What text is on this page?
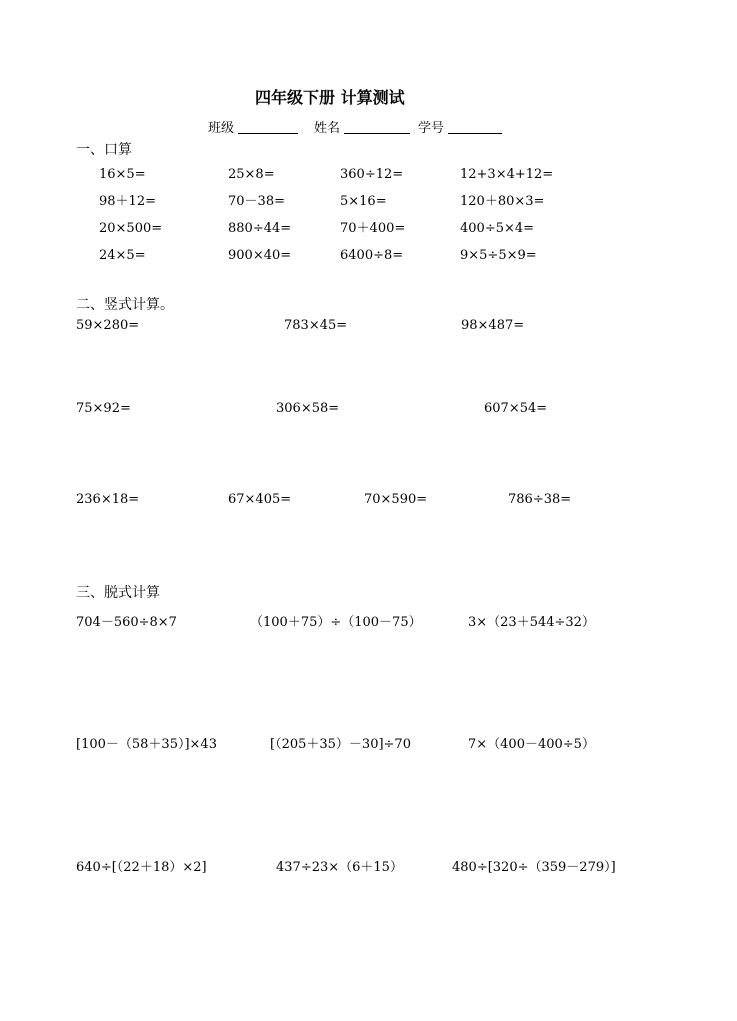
四年级下册 计算测试
班级	姓名	学号
一、口算
16×5=	25×8=	360÷12=	12+3×4+12=
98＋12=	70－38=	5×16=	120＋80×3=
20×500=	880÷44=	70＋400=	400÷5×4=
24×5=	900×40=	6400÷8=	9×5÷5×9=
二、竖式计算。
59×280=	783×45=	98×487=
75×92=	306×58=	607×54=
236×18=	67×405=	70×590=	786÷38=
三、脱式计算
704－560÷8×7	（100＋75）÷（100－75）	3×（23＋544÷32）
[100－（58＋35）]×43	[（205＋35）－30]÷70	7×（400－400÷5）
640÷[（22＋18）×2]	437÷23×（6＋15）	480÷[320÷（359－279）]
